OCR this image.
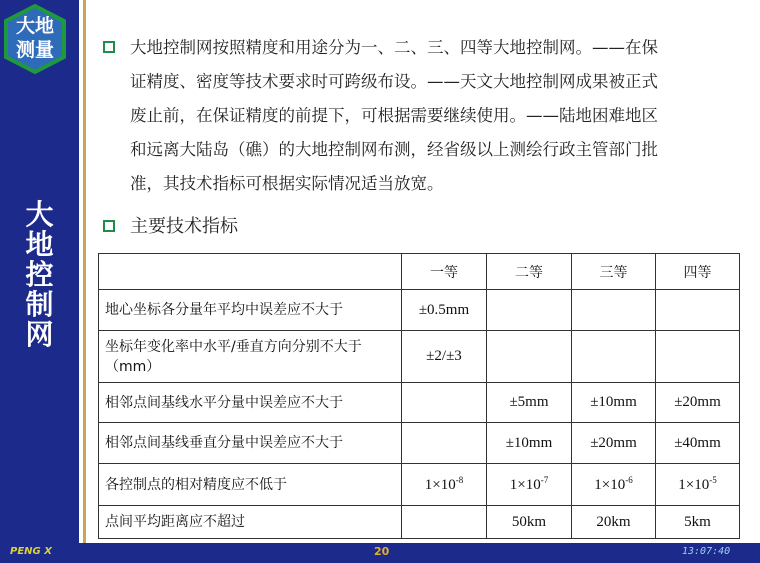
大地
测量
大
地
控
制
网
大地控制网按照精度和用途分为一、二、三、四等大地控制网。——在保
证精度、密度等技术要求时可跨级布设。——天文大地控制网成果被正式
废止前，在保证精度的前提下，可根据需要继续使用。——陆地困难地区
和远离大陆岛（礁）的大地控制网布测，经省级以上测绘行政主管部门批
准，其技术指标可根据实际情况适当放宽。
主要技术指标
	一等	二等	三等	四等
地心坐标各分量年平均中误差应不大于	±0.5mm			
坐标年变化率中水平/垂直方向分别不大于（mm）	±2/±3			
相邻点间基线水平分量中误差应不大于		±5mm	±10mm	±20mm
相邻点间基线垂直分量中误差应不大于		±10mm	±20mm	±40mm
各控制点的相对精度应不低于	$1\times 10^{-8}$	$1\times 10^{-7}$	$1\times 10^{-6}$	$1\times 10^{-5}$
点间平均距离应不超过		50km	20km	5km
PENG X	20	13:07:40
